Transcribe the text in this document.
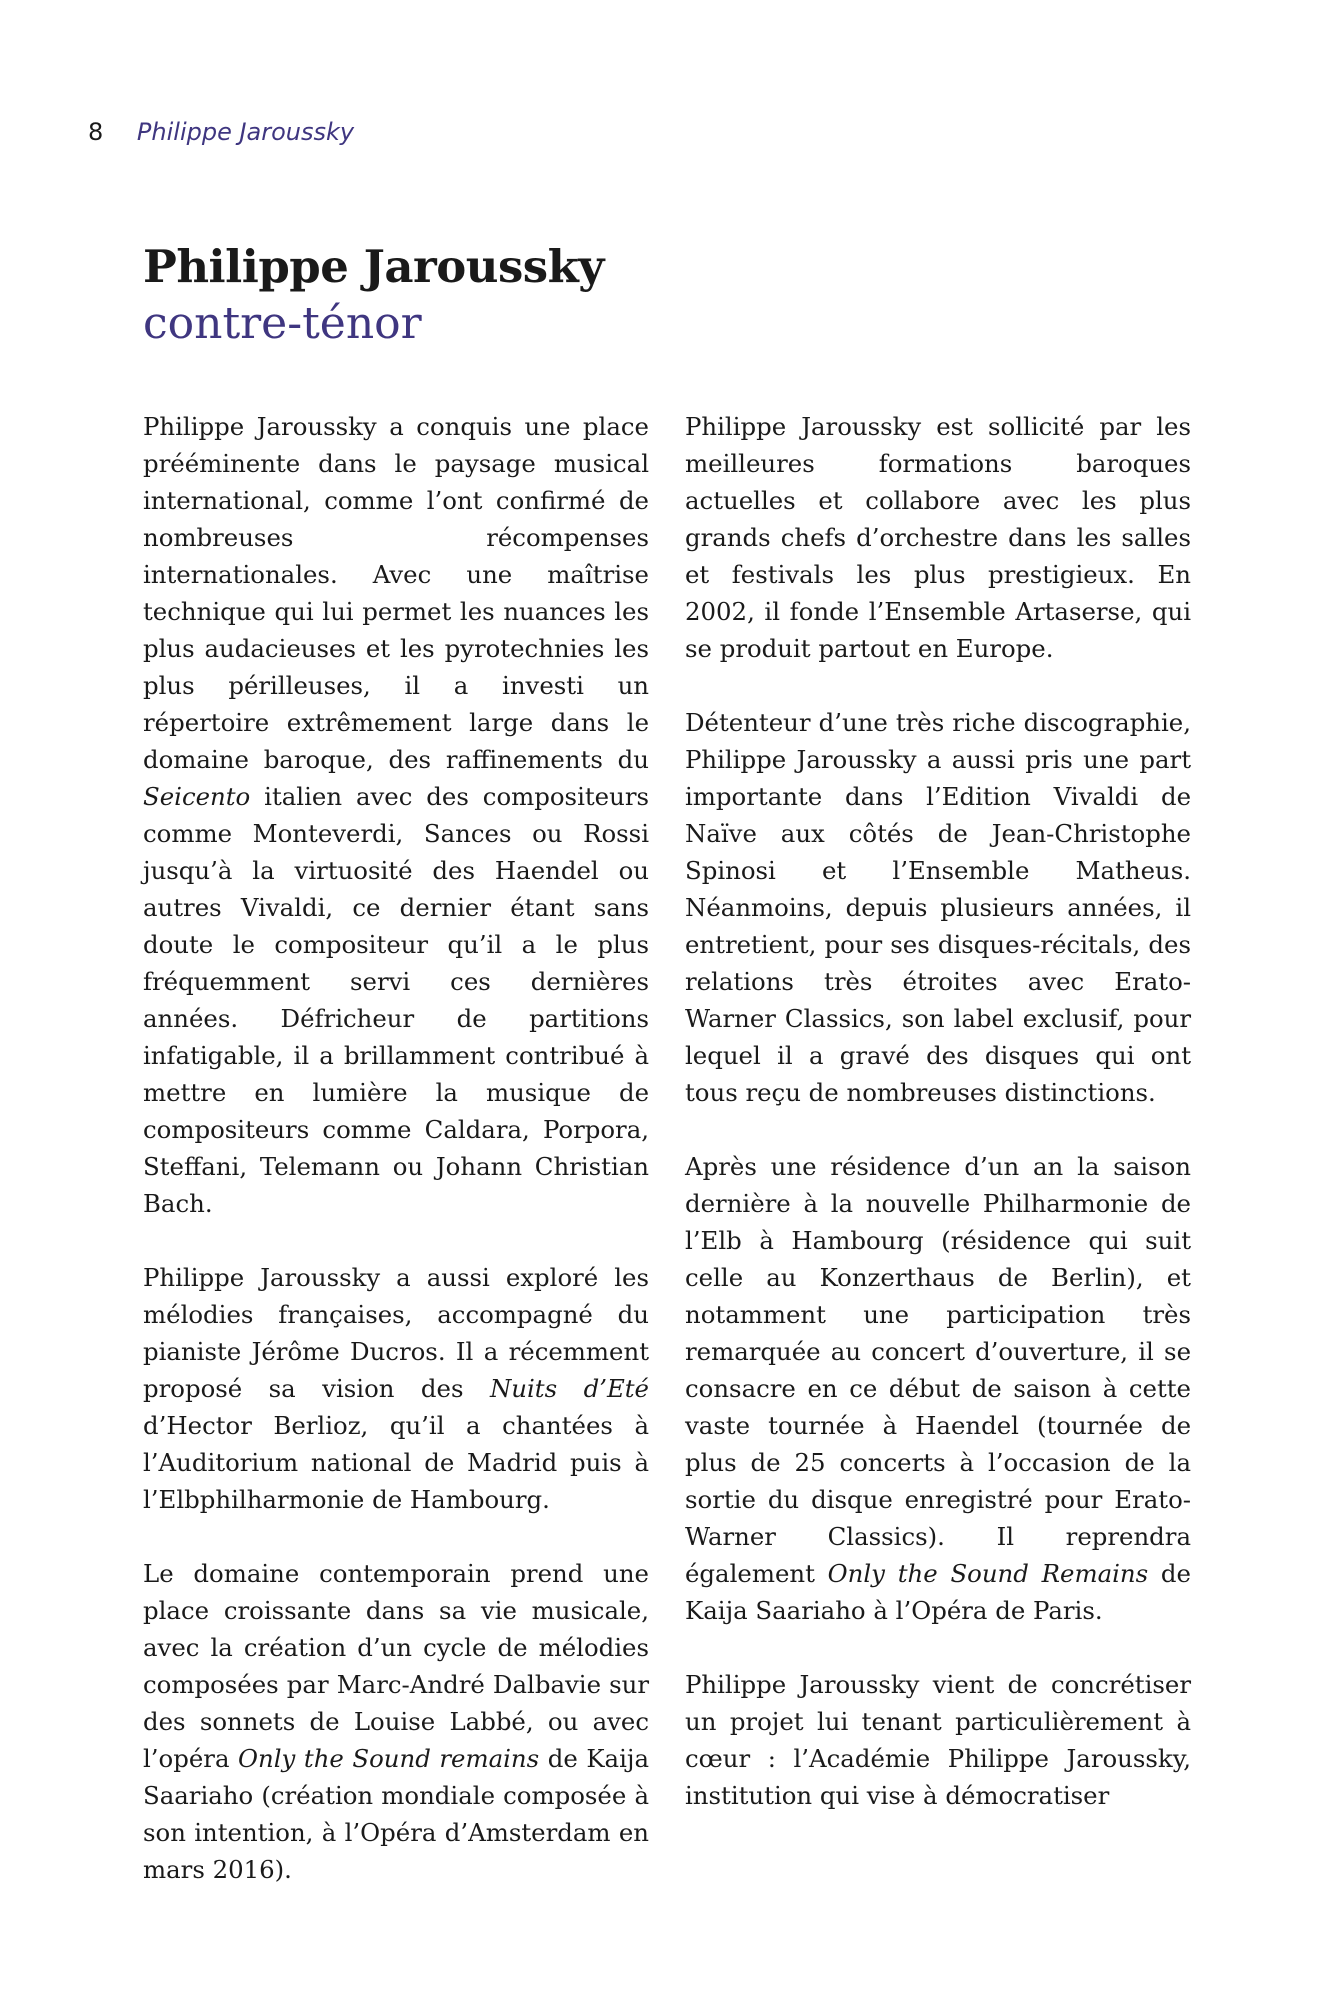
8 Philippe Jaroussky
Philippe Jaroussky
contre-ténor

Philippe Jaroussky a conquis une place prééminente dans le paysage musical international, comme l’ont confirmé de nombreuses récompenses internationales. Avec une maîtrise technique qui lui permet les nuances les plus audacieuses et les pyrotechnies les plus périlleuses, il a investi un répertoire extrêmement large dans le domaine baroque, des raffinements du Seicento italien avec des compositeurs comme Monteverdi, Sances ou Rossi jusqu’à la virtuosité des Haendel ou autres Vivaldi, ce dernier étant sans doute le compositeur qu’il a le plus fréquemment servi ces dernières années. Défricheur de partitions infatigable, il a brillamment contribué à mettre en lumière la musique de compositeurs comme Caldara, Porpora, Steffani, Telemann ou Johann Christian Bach.

Philippe Jaroussky a aussi exploré les mélodies françaises, accompagné du pianiste Jérôme Ducros. Il a récemment proposé sa vision des Nuits d’Eté d’Hector Berlioz, qu’il a chantées à l’Auditorium national de Madrid puis à l’Elbphilharmonie de Hambourg.

Le domaine contemporain prend une place croissante dans sa vie musicale, avec la création d’un cycle de mélodies composées par Marc-André Dalbavie sur des sonnets de Louise Labbé, ou avec l’opéra Only the Sound remains de Kaija Saariaho (création mondiale composée à son intention, à l’Opéra d’Amsterdam en mars 2016).

Philippe Jaroussky est sollicité par les meilleures formations baroques actuelles et collabore avec les plus grands chefs d’orchestre dans les salles et festivals les plus prestigieux. En 2002, il fonde l’Ensemble Artaserse, qui se produit partout en Europe.

Détenteur d’une très riche discographie, Philippe Jaroussky a aussi pris une part importante dans l’Edition Vivaldi de Naïve aux côtés de Jean-Christophe Spinosi et l’Ensemble Matheus. Néanmoins, depuis plusieurs années, il entretient, pour ses disques-récitals, des relations très étroites avec Erato-Warner Classics, son label exclusif, pour lequel il a gravé des disques qui ont tous reçu de nombreuses distinctions.

Après une résidence d’un an la saison dernière à la nouvelle Philharmonie de l’Elb à Hambourg (résidence qui suit celle au Konzerthaus de Berlin), et notamment une participation très remarquée au concert d’ouverture, il se consacre en ce début de saison à cette vaste tournée à Haendel (tournée de plus de 25 concerts à l’occasion de la sortie du disque enregistré pour Erato-Warner Classics). Il reprendra également Only the Sound Remains de Kaija Saariaho à l’Opéra de Paris.

Philippe Jaroussky vient de concrétiser un projet lui tenant particulièrement à cœur : l’Académie Philippe Jaroussky, institution qui vise à démocratiser
